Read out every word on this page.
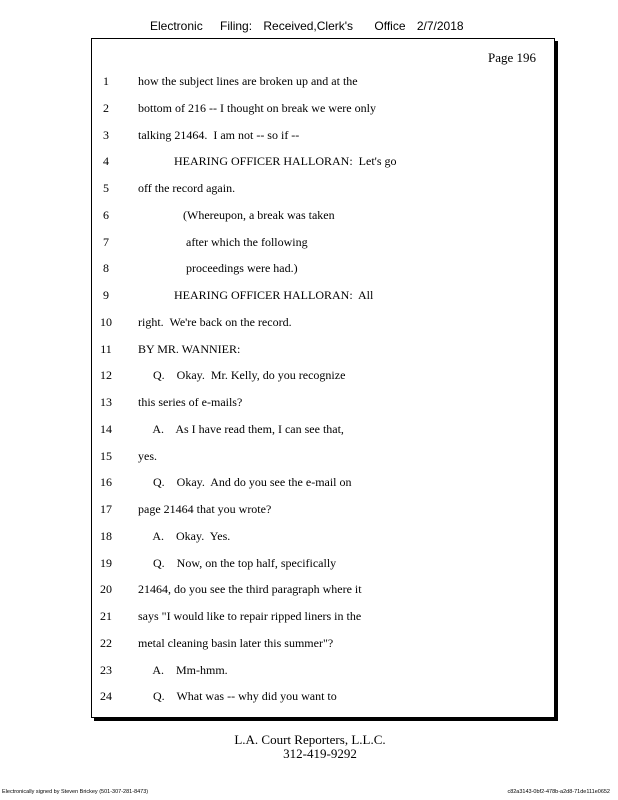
Electronic Filing: Received,Clerk's Office 2/7/2018
Page 196
1	how the subject lines are broken up and at the
2	bottom of 216 -- I thought on break we were only
3	talking 21464.  I am not -- so if --
4	HEARING OFFICER HALLORAN:  Let's go
5	off the record again.
6	(Whereupon, a break was taken
7	after which the following
8	proceedings were had.)
9	HEARING OFFICER HALLORAN:  All
10	right.  We're back on the record.
11	BY MR. WANNIER:
12	Q.    Okay.  Mr. Kelly, do you recognize
13	this series of e-mails?
14	A.    As I have read them, I can see that,
15	yes.
16	Q.    Okay.  And do you see the e-mail on
17	page 21464 that you wrote?
18	A.    Okay.  Yes.
19	Q.    Now, on the top half, specifically
20	21464, do you see the third paragraph where it
21	says "I would like to repair ripped liners in the
22	metal cleaning basin later this summer"?
23	A.    Mm-hmm.
24	Q.    What was -- why did you want to
L.A. Court Reporters, L.L.C.
312-419-9292
Electronically signed by Steven Brickey (501-307-281-8473)	c82a3143-0bf2-478b-a2d8-71de111e0652
